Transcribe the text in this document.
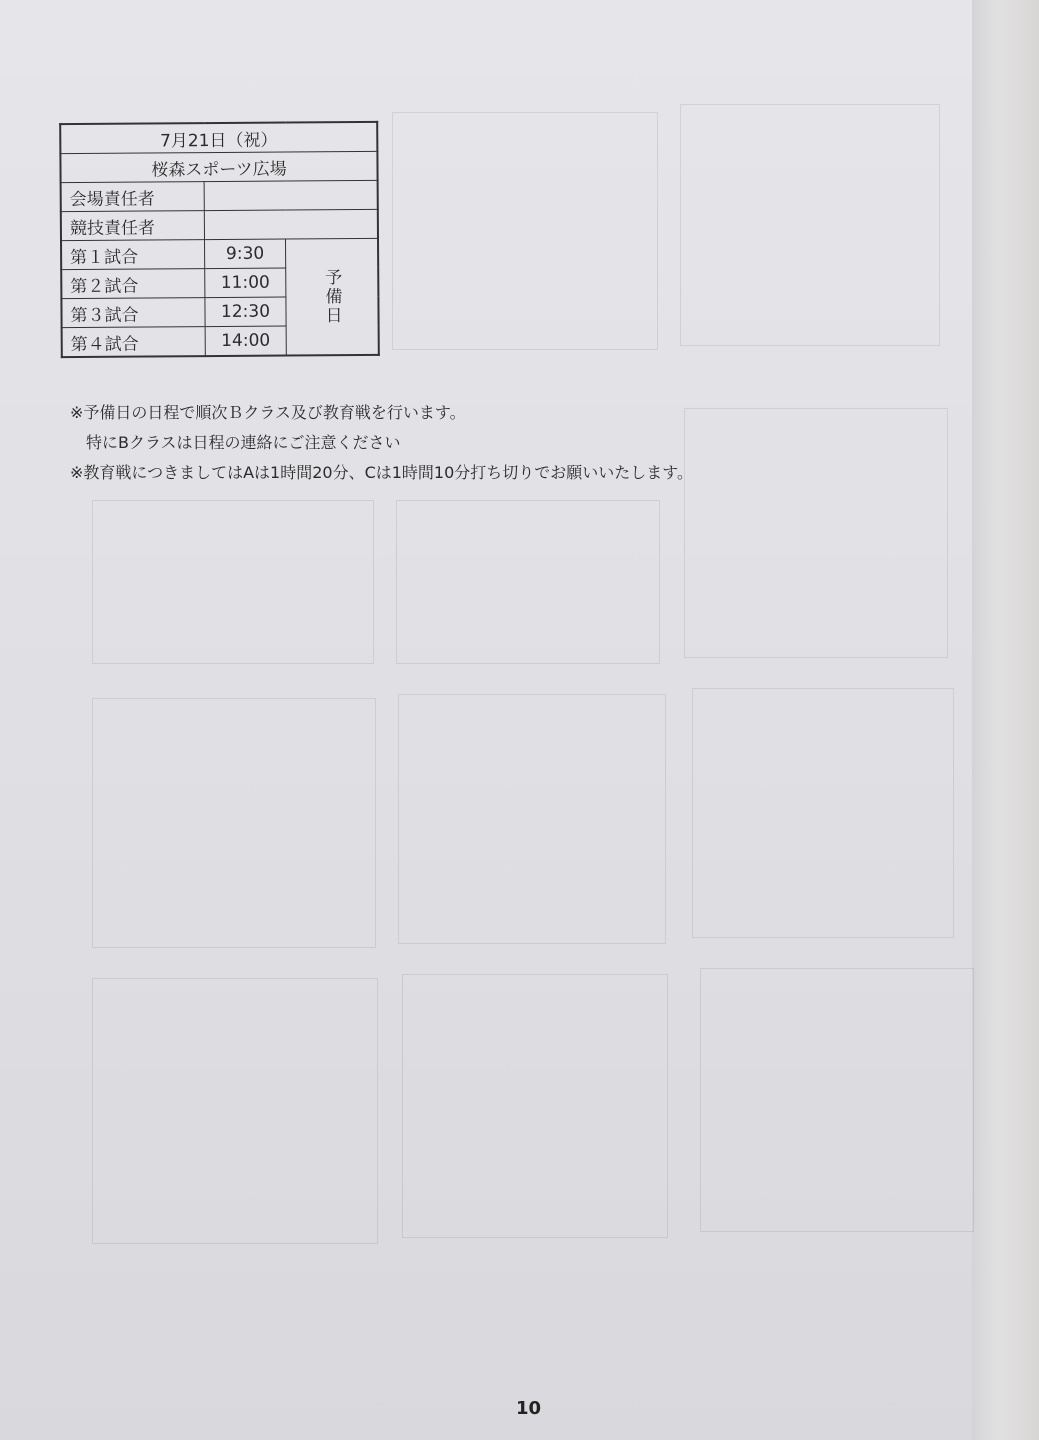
7月21日（祝）		
桜森スポーツ広場		
会場責任者		
競技責任者		
第１試合	9:30	予備日
第２試合	11:00	
第３試合	12:30	
第４試合	14:00	
※予備日の日程で順次Ｂクラス及び教育戦を行います。
特にBクラスは日程の連絡にご注意ください
※教育戦につきましてはAは1時間20分、Cは1時間10分打ち切りでお願いいたします。
10
